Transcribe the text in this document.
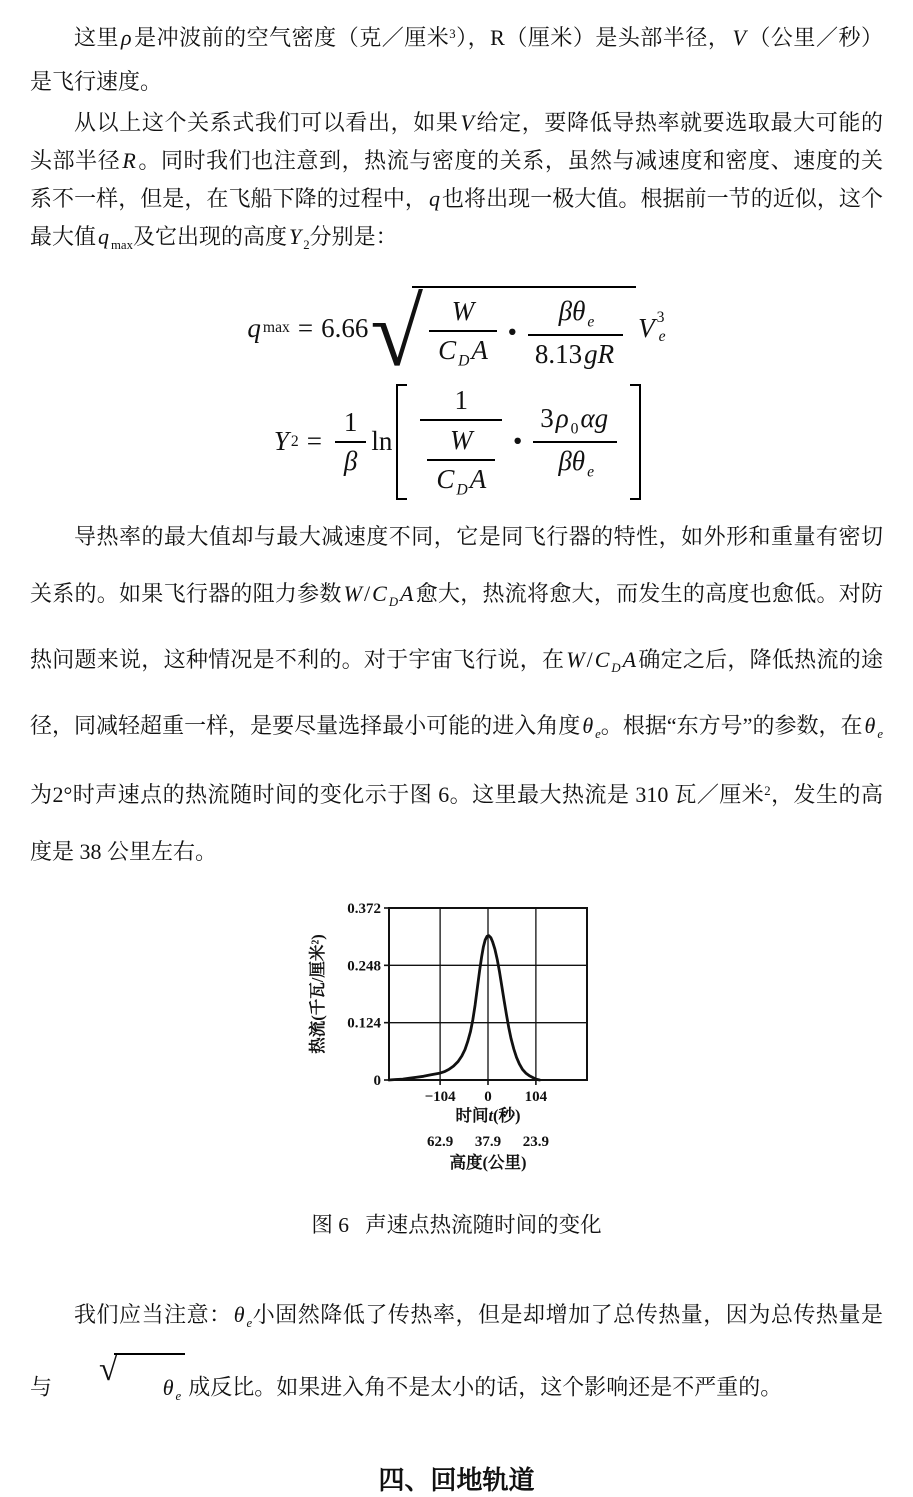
这里ρ是冲波前的空气密度（克／厘米$^3$），R（厘米）是头部半径，V（公里／秒）是飞行速度。

从以上这个关系式我们可以看出，如果V给定，要降低导热率就要选取最大可能的头部半径R。同时我们也注意到，热流与密度的关系，虽然与减速度和密度、速度的关系不一样，但是，在飞船下降的过程中，q也将出现一极大值。根据前一节的近似，这个最大值q $_{max}$及它出现的高度Y $_2$分别是：

q max = 6.66 √ $\frac{W}{C _DA}$ ● $\frac{\beta\theta _e}{8.13gR}$ V 3
e
Y $2 = \frac{1}{\beta}$ $\ln \frac{1}{\frac{W}{C _DA}}$ ● $\frac{3\rho _0\alpha g}{\beta\theta _e}$

导热率的最大值却与最大减速度不同，它是同飞行器的特性，如外形和重量有密切关系的。如果飞行器的阻力参数W/C $_D$A愈大，热流将愈大，而发生的高度也愈低。对防热问题来说，这种情况是不利的。对于宇宙飞行说，在W/C $_D$A确定之后，降低热流的途径，同减轻超重一样，是要尽量选择最小可能的进入角度θ $_e$。根据“东方号”的参数，在θ $_e$为2°时声速点的热流随时间的变化示于图 6。这里最大热流是 310 瓦／厘米$^2$，发生的高度是 38 公里左右。

0
0.124
0.248
0.372
−104 0 104
时间t(秒)
62.9 37.9 23.9
高度(公里)
热流(千瓦/厘米²)
图 6 声速点热流随时间的变化

我们应当注意：θ $_e$小固然降低了传热率，但是却增加了总传热量，因为总传热量是与	√	θ $_e$ 成反比。如果进入角不是太小的话，这个影响还是不严重的。

四、回地轨道
